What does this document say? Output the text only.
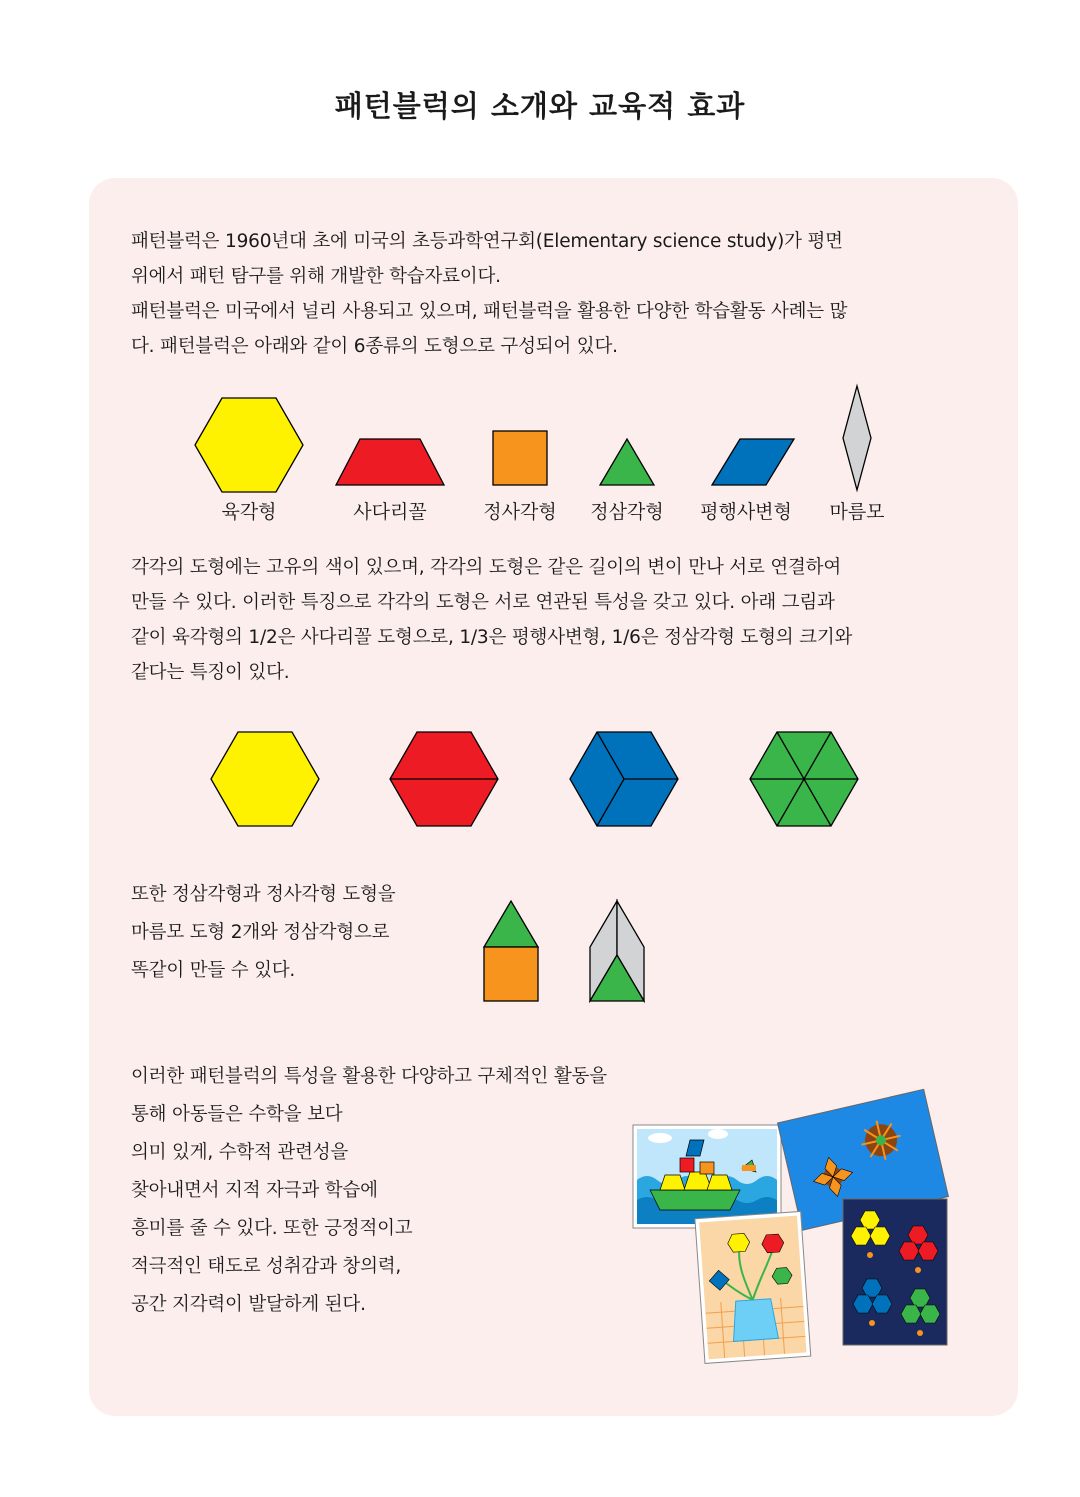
패턴블럭의 소개와 교육적 효과

패턴블럭은 1960년대 초에 미국의 초등과학연구회(Elementary science study)가 평면
위에서 패턴 탐구를 위해 개발한 학습자료이다.
패턴블럭은 미국에서 널리 사용되고 있으며, 패턴블럭을 활용한 다양한 학습활동 사례는 많
다. 패턴블럭은 아래와 같이 6종류의 도형으로 구성되어 있다.

육각형	사다리꼴	정사각형	정삼각형	평행사변형	마름모

각각의 도형에는 고유의 색이 있으며, 각각의 도형은 같은 길이의 변이 만나 서로 연결하여
만들 수 있다. 이러한 특징으로 각각의 도형은 서로 연관된 특성을 갖고 있다. 아래 그림과
같이 육각형의 1/2은 사다리꼴 도형으로, 1/3은 평행사변형, 1/6은 정삼각형 도형의 크기와
같다는 특징이 있다.

또한 정삼각형과 정사각형 도형을
마름모 도형 2개와 정삼각형으로
똑같이 만들 수 있다.

이러한 패턴블럭의 특성을 활용한 다양하고 구체적인 활동을
통해 아동들은 수학을 보다
의미 있게, 수학적 관련성을
찾아내면서 지적 자극과 학습에
흥미를 줄 수 있다. 또한 긍정적이고
적극적인 태도로 성취감과 창의력,
공간 지각력이 발달하게 된다.
